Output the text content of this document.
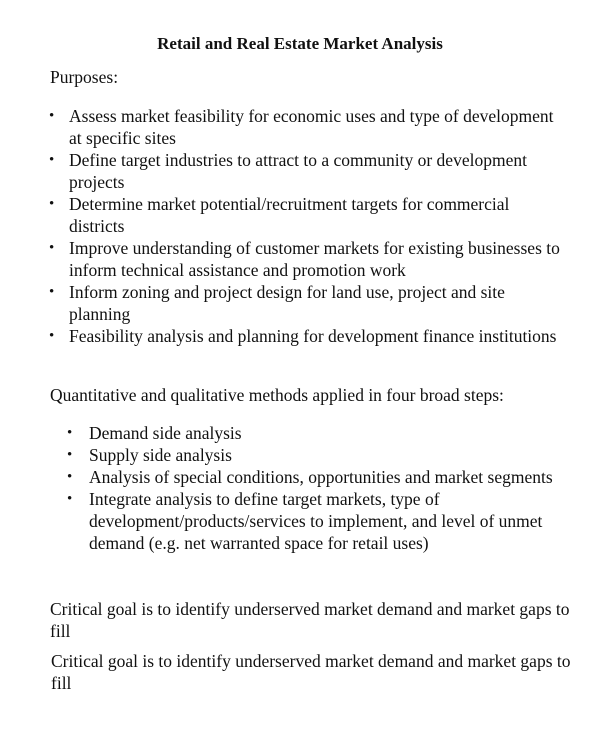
Retail and Real Estate Market Analysis

Purposes:

• Assess market feasibility for economic uses and type of development at specific sites
• Define target industries to attract to a community or development projects
• Determine market potential/recruitment targets for commercial districts
• Improve understanding of customer markets for existing businesses to inform technical assistance and promotion work
• Inform zoning and project design for land use, project and site planning
• Feasibility analysis and planning for development finance institutions

Quantitative and qualitative methods applied in four broad steps:

• Demand side analysis
• Supply side analysis
• Analysis of special conditions, opportunities and market segments
• Integrate analysis to define target markets, type of development/products/services to implement, and level of unmet demand (e.g. net warranted space for retail uses)

Critical goal is to identify underserved market demand and market gaps to fill

Critical goal is to identify underserved market demand and market gaps to fill
